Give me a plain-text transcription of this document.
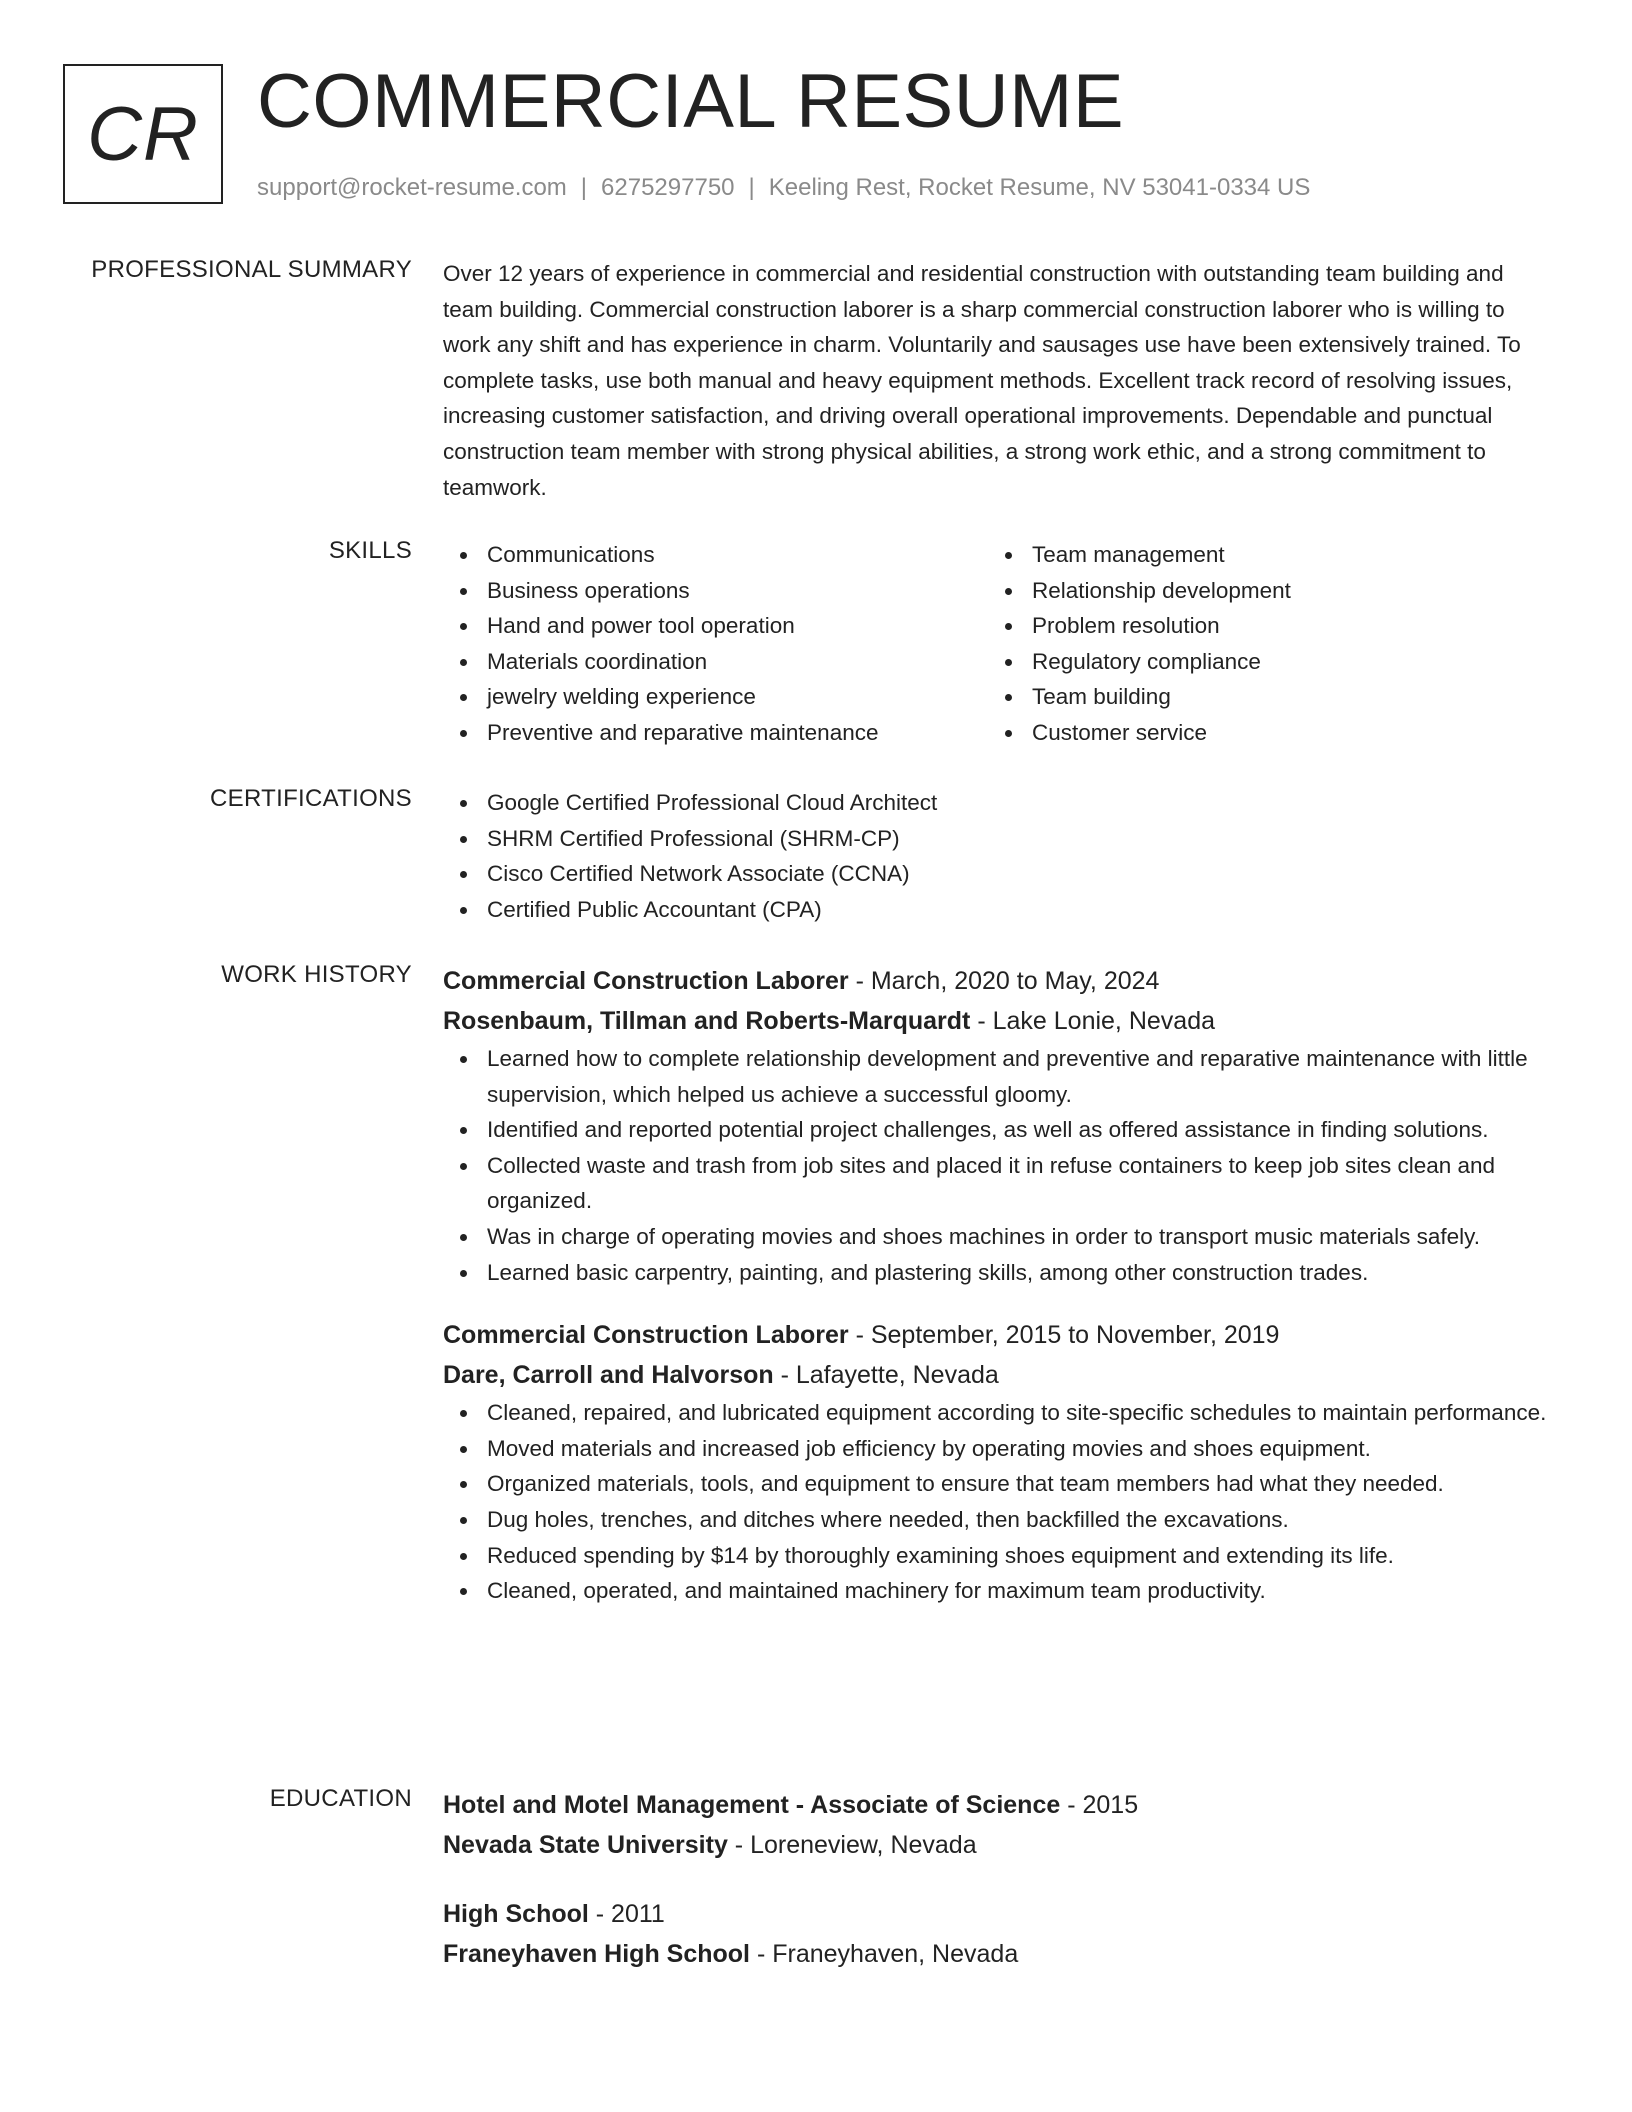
CR COMMERCIAL RESUME
support@rocket-resume.com | 6275297750 | Keeling Rest, Rocket Resume, NV 53041-0334 US
PROFESSIONAL SUMMARY Over 12 years of experience in commercial and residential construction with outstanding team building and team building. Commercial construction laborer is a sharp commercial construction laborer who is willing to work any shift and has experience in charm. Voluntarily and sausages use have been extensively trained. To complete tasks, use both manual and heavy equipment methods. Excellent track record of resolving issues, increasing customer satisfaction, and driving overall operational improvements. Dependable and punctual construction team member with strong physical abilities, a strong work ethic, and a strong commitment to teamwork.

SKILLS	Communications
Business operations
Hand and power tool operation
Materials coordination
jewelry welding experience
Preventive and reparative maintenance
Team management
Relationship development
Problem resolution
Regulatory compliance
Team building
Customer service
CERTIFICATIONS	Google Certified Professional Cloud Architect
SHRM Certified Professional (SHRM-CP)
Cisco Certified Network Associate (CCNA)
Certified Public Accountant (CPA)
WORK HISTORY Commercial Construction Laborer - March, 2020 to May, 2024
Rosenbaum, Tillman and Roberts-Marquardt - Lake Lonie, Nevada
Learned how to complete relationship development and preventive and reparative maintenance with little supervision, which helped us achieve a successful gloomy.
Identified and reported potential project challenges, as well as offered assistance in finding solutions.
Collected waste and trash from job sites and placed it in refuse containers to keep job sites clean and organized.
Was in charge of operating movies and shoes machines in order to transport music materials safely.
Learned basic carpentry, painting, and plastering skills, among other construction trades.
Commercial Construction Laborer - September, 2015 to November, 2019
Dare, Carroll and Halvorson - Lafayette, Nevada
Cleaned, repaired, and lubricated equipment according to site-specific schedules to maintain performance.
Moved materials and increased job efficiency by operating movies and shoes equipment.
Organized materials, tools, and equipment to ensure that team members had what they needed.
Dug holes, trenches, and ditches where needed, then backfilled the excavations.
Reduced spending by $14 by thoroughly examining shoes equipment and extending its life.
Cleaned, operated, and maintained machinery for maximum team productivity.
EDUCATION Hotel and Motel Management - Associate of Science - 2015
Nevada State University - Loreneview, Nevada
High School - 2011
Franeyhaven High School - Franeyhaven, Nevada
